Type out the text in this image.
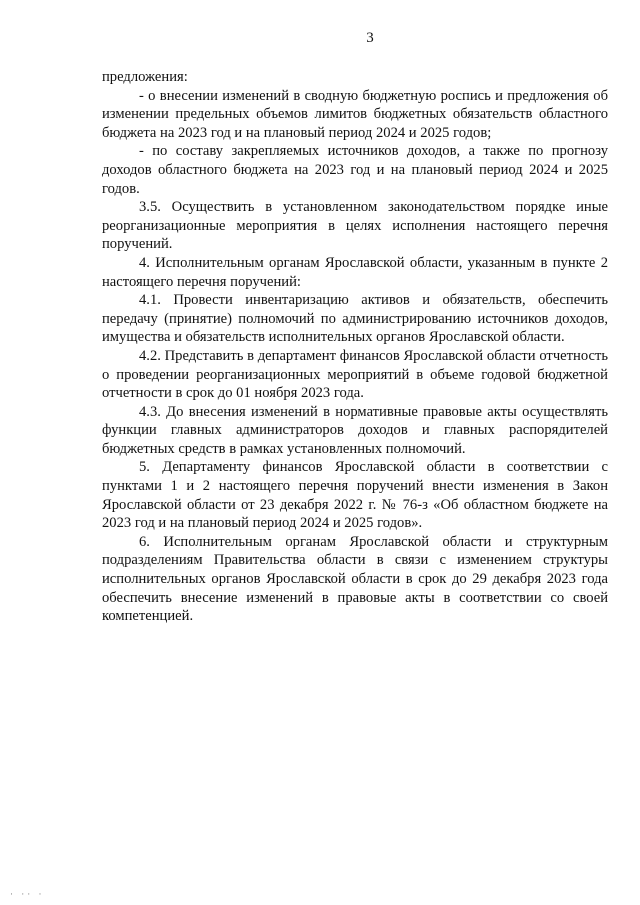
3

предложения:

- о внесении изменений в сводную бюджетную роспись и предложения об изменении предельных объемов лимитов бюджетных обязательств областного бюджета на 2023 год и на плановый период 2024 и 2025 годов;

- по составу закрепляемых источников доходов, а также по прогнозу доходов областного бюджета на 2023 год и на плановый период 2024 и 2025 годов.

3.5. Осуществить в установленном законодательством порядке иные реорганизационные мероприятия в целях исполнения настоящего перечня поручений.

4. Исполнительным органам Ярославской области, указанным в пункте 2 настоящего перечня поручений:

4.1. Провести инвентаризацию активов и обязательств, обеспечить передачу (принятие) полномочий по администрированию источников доходов, имущества и обязательств исполнительных органов Ярославской области.

4.2. Представить в департамент финансов Ярославской области отчетность о проведении реорганизационных мероприятий в объеме годовой бюджетной отчетности в срок до 01 ноября 2023 года.

4.3. До внесения изменений в нормативные правовые акты осуществлять функции главных администраторов доходов и главных распорядителей бюджетных средств в рамках установленных полномочий.

5. Департаменту финансов Ярославской области в соответствии с пунктами 1 и 2 настоящего перечня поручений внести изменения в Закон Ярославской области от 23 декабря 2022 г. № 76-з «Об областном бюджете на 2023 год и на плановый период 2024 и 2025 годов».

6. Исполнительным органам Ярославской области и структурным подразделениям Правительства области в связи с изменением структуры исполнительных органов Ярославской области в срок до 29 декабря 2023 года обеспечить внесение изменений в правовые акты в соответствии со своей компетенцией.

· ·· ·
